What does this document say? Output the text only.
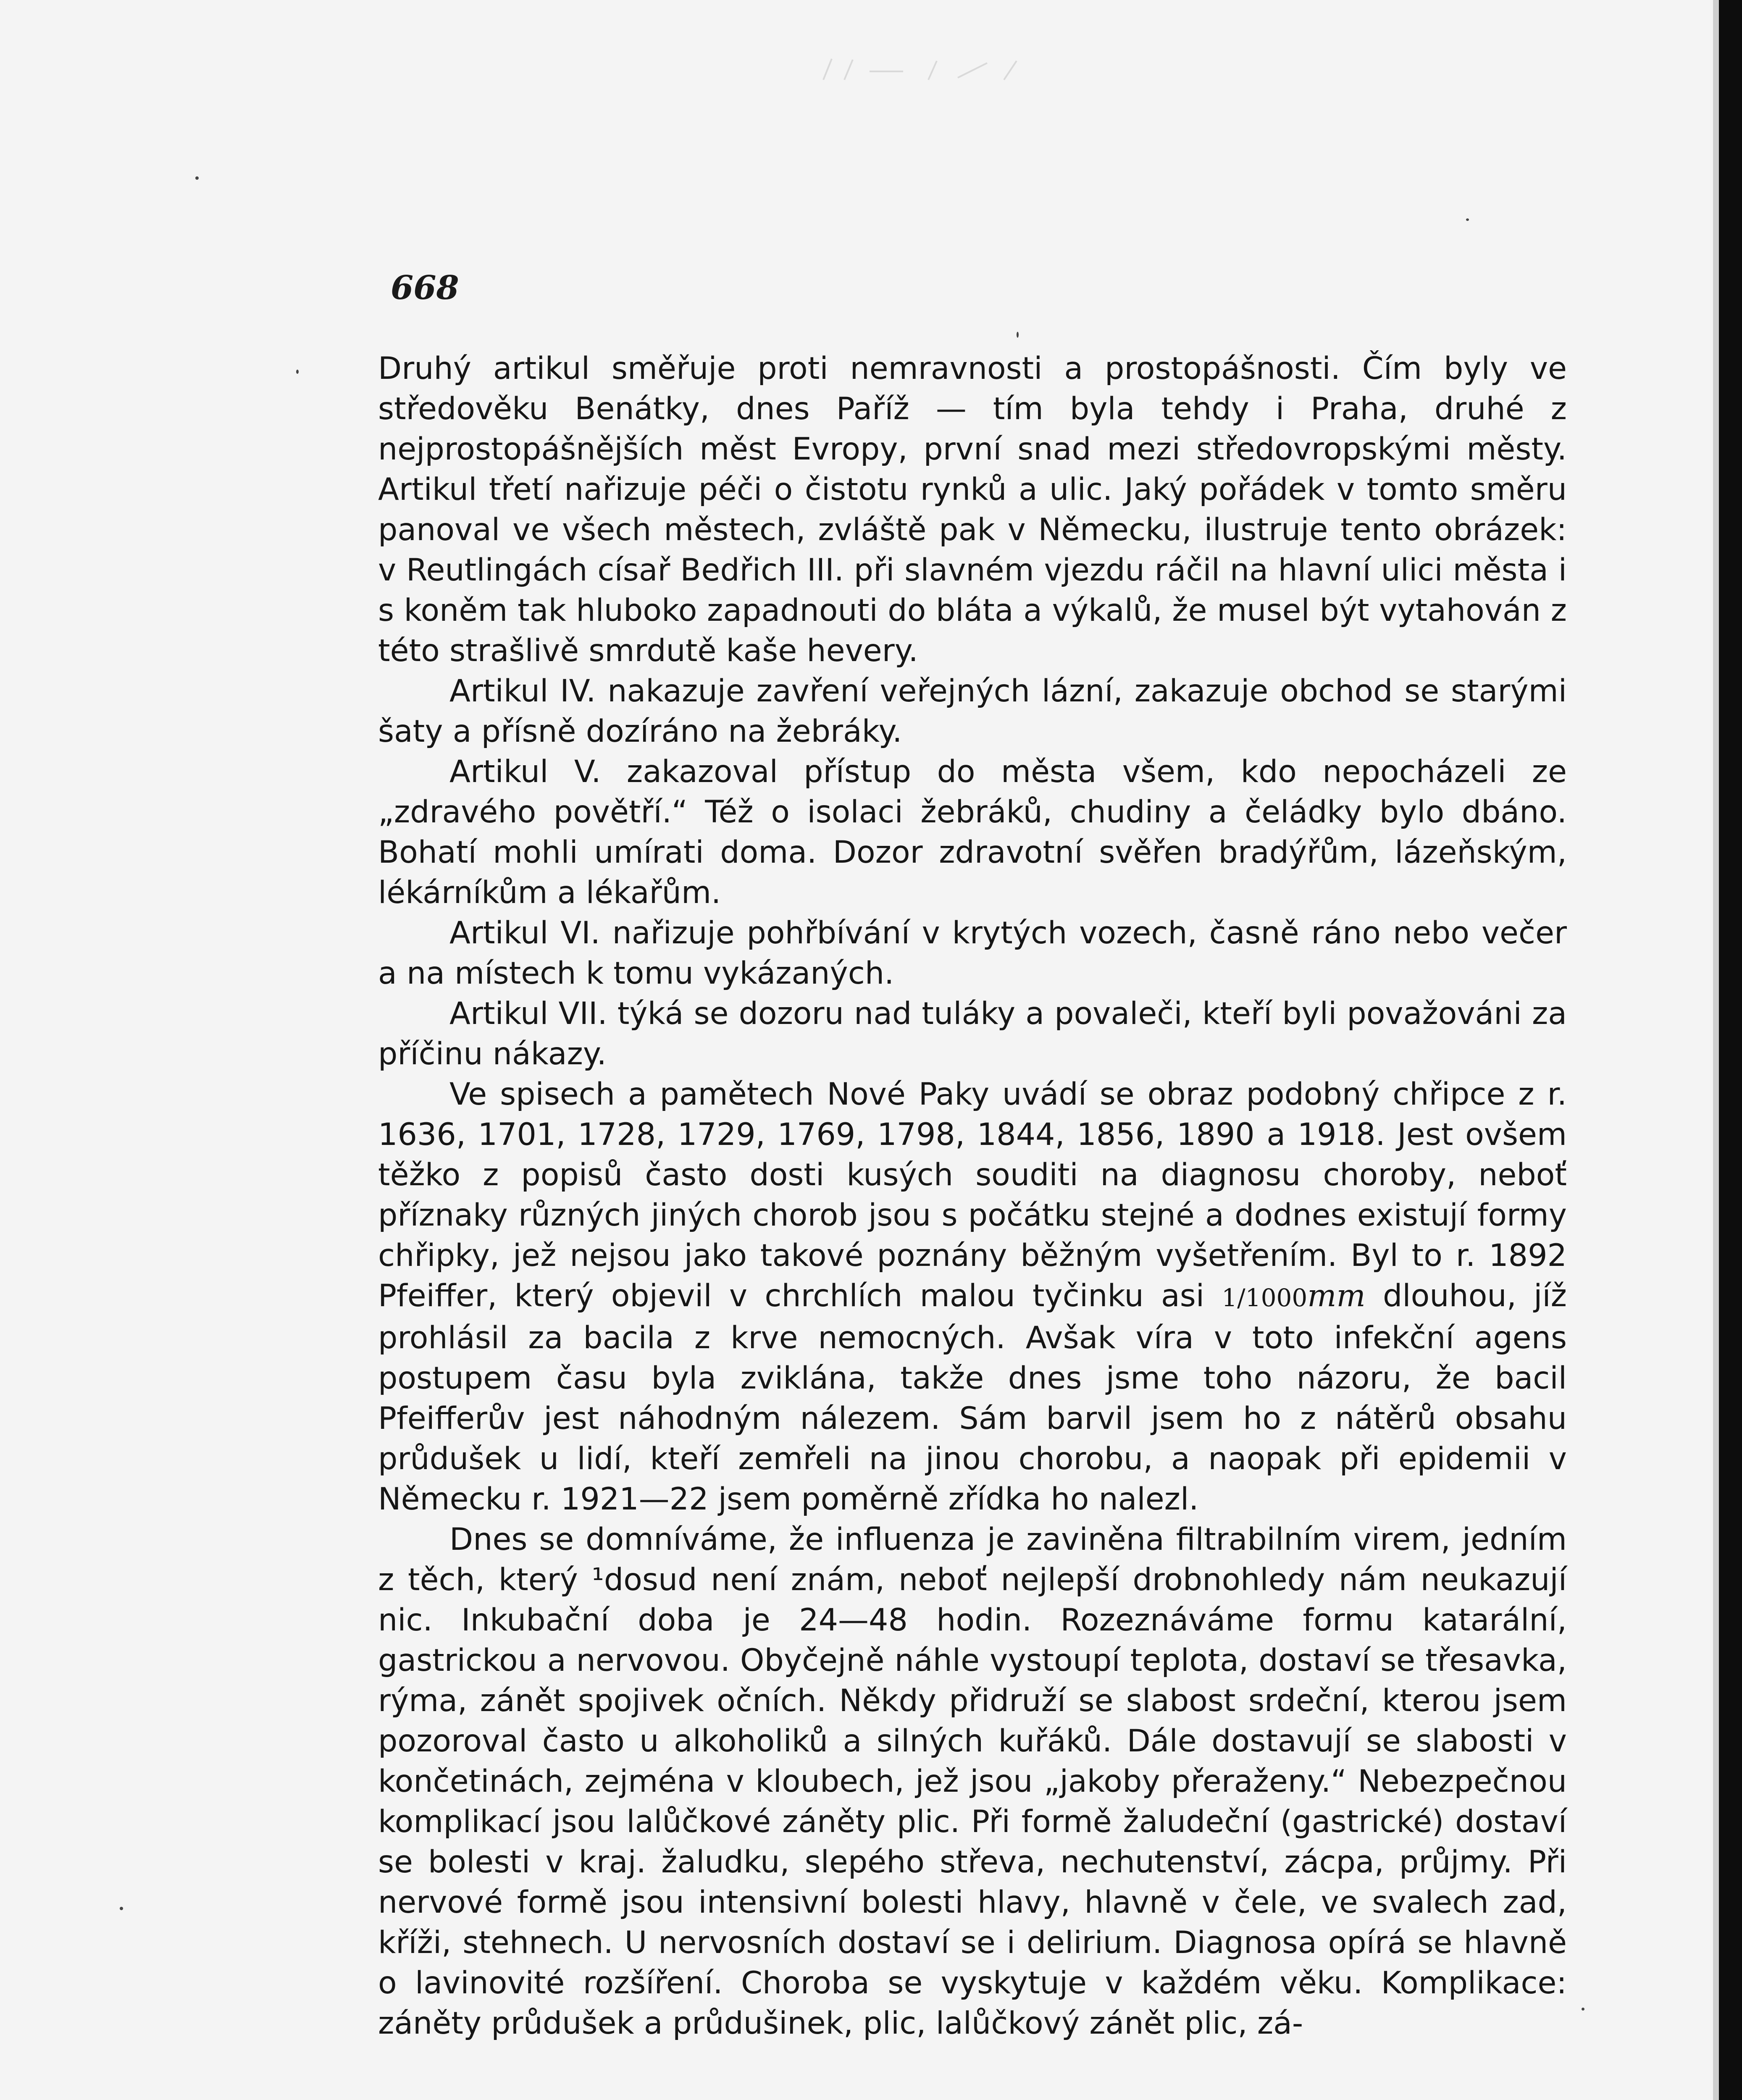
668

Druhý artikul směřuje proti nemravnosti a prostopášnosti. Čím byly ve středověku Benátky, dnes Paříž — tím byla tehdy i Praha, druhé z nejprostopášnějších měst Evropy, první snad mezi středovropskými městy. Artikul třetí nařizuje péči o čistotu rynků a ulic. Jaký pořádek v tomto směru panoval ve všech městech, zvláště pak v Německu, ilustruje tento obrázek: v Reutlingách císař Bedřich III. při slavném vjezdu ráčil na hlavní ulici města i s koněm tak hluboko zapadnouti do bláta a výkalů, že musel být vytahován z této strašlivě smrdutě kaše hevery.

Artikul IV. nakazuje zavření veřejných lázní, zakazuje obchod se starými šaty a přísně dozíráno na žebráky.

Artikul V. zakazoval přístup do města všem, kdo nepocházeli ze „zdravého povětří.“ Též o isolaci žebráků, chudiny a čeládky bylo dbáno. Bohatí mohli umírati doma. Dozor zdravotní svěřen bradýřům, lázeňským, lékárníkům a lékařům.

Artikul VI. nařizuje pohřbívání v krytých vozech, časně ráno nebo večer a na místech k tomu vykázaných.

Artikul VII. týká se dozoru nad tuláky a povaleči, kteří byli považováni za příčinu nákazy.

Ve spisech a pamětech Nové Paky uvádí se obraz podobný chřipce z r. 1636, 1701, 1728, 1729, 1769, 1798, 1844, 1856, 1890 a 1918. Jest ovšem těžko z popisů často dosti kusých souditi na diagnosu choroby, neboť příznaky různých jiných chorob jsou s počátku stejné a dodnes existují formy chřipky, jež nejsou jako takové poznány běžným vyšetřením. Byl to r. 1892 Pfeiffer, který objevil v chrchlích malou tyčinku asi 1/1000mm dlouhou, jíž prohlásil za bacila z krve nemocných. Avšak víra v toto infekční agens postupem času byla zviklána, takže dnes jsme toho názoru, že bacil Pfeifferův jest náhodným nálezem. Sám barvil jsem ho z nátěrů obsahu průdušek u lidí, kteří zemřeli na jinou chorobu, a naopak při epidemii v Německu r. 1921—22 jsem poměrně zřídka ho nalezl.

Dnes se domníváme, že influenza je zaviněna filtrabilním virem, jedním z těch, který ¹dosud není znám, neboť nejlepší drobnohledy nám neukazují nic. Inkubační doba je 24—48 hodin. Rozeznáváme formu katarální, gastrickou a nervovou. Obyčejně náhle vystoupí teplota, dostaví se třesavka, rýma, zánět spojivek očních. Někdy přidruží se slabost srdeční, kterou jsem pozoroval často u alkoholiků a silných kuřáků. Dále dostavují se slabosti v končetinách, zejména v kloubech, jež jsou „jakoby přeraženy.“ Nebezpečnou komplikací jsou lalůčkové záněty plic. Při formě žaludeční (gastrické) dostaví se bolesti v kraj. žaludku, slepého střeva, nechutenství, zácpa, průjmy. Při nervové formě jsou intensivní bolesti hlavy, hlavně v čele, ve svalech zad, kříži, stehnech. U nervosních dostaví se i delirium. Diagnosa opírá se hlavně o lavinovité rozšíření. Choroba se vyskytuje v každém věku. Komplikace: záněty průdušek a průdušinek, plic, lalůčkový zánět plic, zá-
